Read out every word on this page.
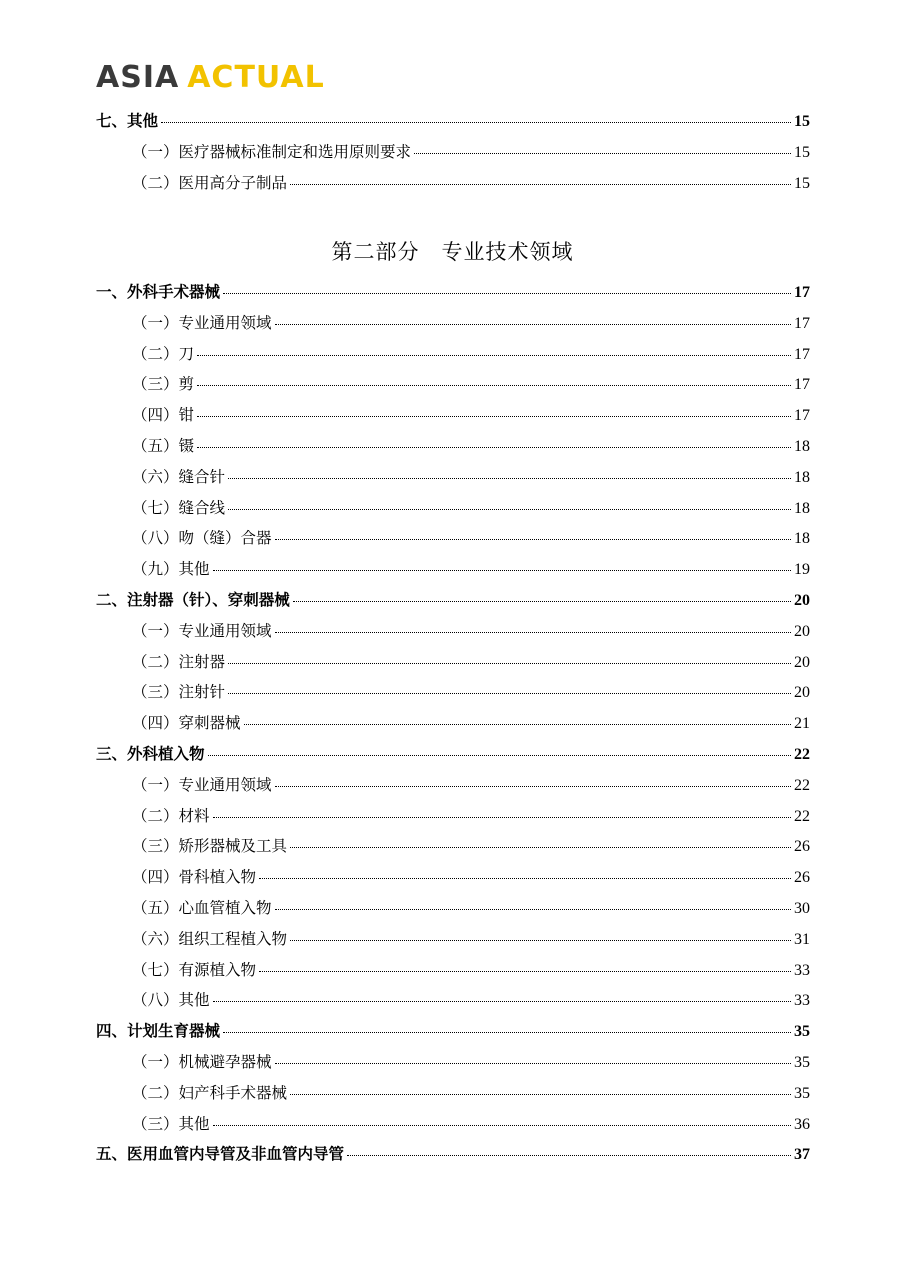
ASIA ACTUAL
七、其他	15
（一）医疗器械标准制定和选用原则要求	15
（二）医用高分子制品	15
第二部分　专业技术领域
一、外科手术器械	17
（一）专业通用领域	17
（二）刀	17
（三）剪	17
（四）钳	17
（五）镊	18
（六）缝合针	18
（七）缝合线	18
（八）吻（缝）合器	18
（九）其他	19
二、注射器（针）、穿刺器械	20
（一）专业通用领域	20
（二）注射器	20
（三）注射针	20
（四）穿刺器械	21
三、外科植入物	22
（一）专业通用领域	22
（二）材料	22
（三）矫形器械及工具	26
（四）骨科植入物	26
（五）心血管植入物	30
（六）组织工程植入物	31
（七）有源植入物	33
（八）其他	33
四、计划生育器械	35
（一）机械避孕器械	35
（二）妇产科手术器械	35
（三）其他	36
五、医用血管内导管及非血管内导管	37
